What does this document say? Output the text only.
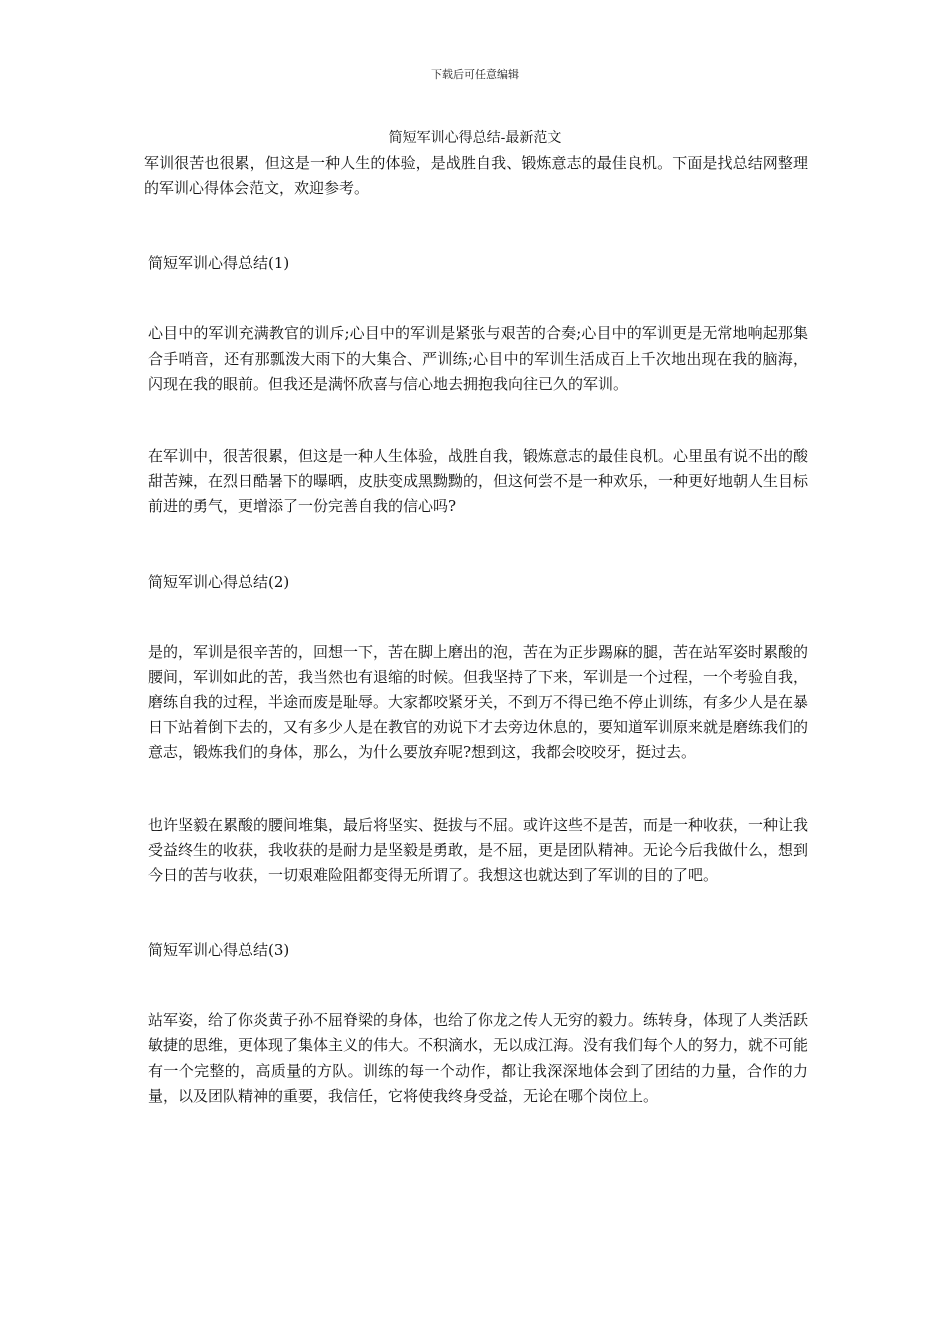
下载后可任意编辑
简短军训心得总结-最新范文

军训很苦也很累，但这是一种人生的体验，是战胜自我、锻炼意志的最佳良机。下面是找总结网整理的军训心得体会范文，欢迎参考。

简短军训心得总结(1)

心目中的军训充满教官的训斥;心目中的军训是紧张与艰苦的合奏;心目中的军训更是无常地响起那集合手哨音，还有那瓢泼大雨下的大集合、严训练;心目中的军训生活成百上千次地出现在我的脑海，闪现在我的眼前。但我还是满怀欣喜与信心地去拥抱我向往已久的军训。

在军训中，很苦很累，但这是一种人生体验，战胜自我，锻炼意志的最佳良机。心里虽有说不出的酸甜苦辣，在烈日酷暑下的曝晒，皮肤变成黑黝黝的，但这何尝不是一种欢乐，一种更好地朝人生目标前进的勇气，更增添了一份完善自我的信心吗?

简短军训心得总结(2)

是的，军训是很辛苦的，回想一下，苦在脚上磨出的泡，苦在为正步踢麻的腿，苦在站军姿时累酸的腰间，军训如此的苦，我当然也有退缩的时候。但我坚持了下来，军训是一个过程，一个考验自我，磨练自我的过程，半途而废是耻辱。大家都咬紧牙关，不到万不得已绝不停止训练，有多少人是在暴日下站着倒下去的，又有多少人是在教官的劝说下才去旁边休息的，要知道军训原来就是磨练我们的意志，锻炼我们的身体，那么，为什么要放弃呢?想到这，我都会咬咬牙，挺过去。

也许坚毅在累酸的腰间堆集，最后将坚实、挺拔与不屈。或许这些不是苦，而是一种收获，一种让我受益终生的收获，我收获的是耐力是坚毅是勇敢，是不屈，更是团队精神。无论今后我做什么，想到今日的苦与收获，一切艰难险阻都变得无所谓了。我想这也就达到了军训的目的了吧。

简短军训心得总结(3)

站军姿，给了你炎黄子孙不屈脊梁的身体，也给了你龙之传人无穷的毅力。练转身，体现了人类活跃敏捷的思维，更体现了集体主义的伟大。不积滴水，无以成江海。没有我们每个人的努力，就不可能有一个完整的，高质量的方队。训练的每一个动作，都让我深深地体会到了团结的力量，合作的力量，以及团队精神的重要，我信任，它将使我终身受益，无论在哪个岗位上。
